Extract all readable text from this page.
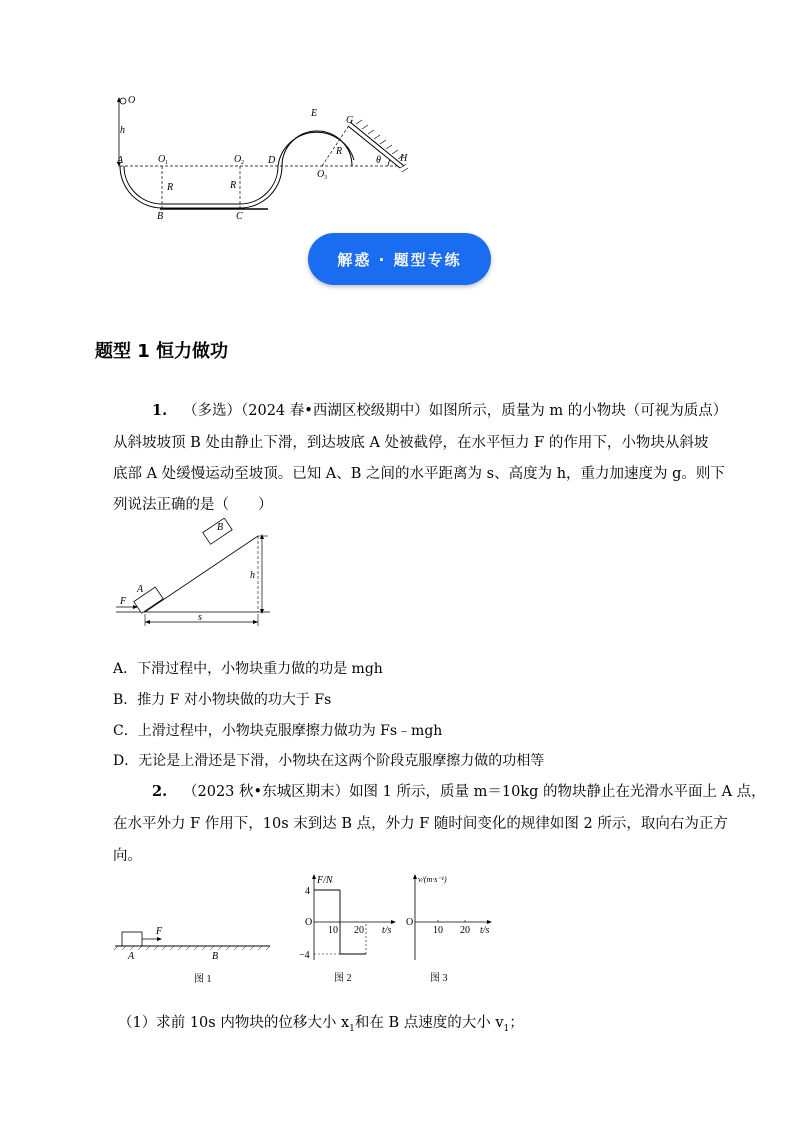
O
h
A	O 1	O 2 D
E
G
R	R
R
B	C
O 3
θ H
解惑 · 题型专练
题型 1 恒力做功
1. （多选）（2024 春•西湖区校级期中）如图所示，质量为 m 的小物块（可视为质点）
从斜坡坡顶 B 处由静止下滑，到达坡底 A 处被截停，在水平恒力 F 的作用下，小物块从斜坡
底部 A 处缓慢运动至坡顶。已知 A、B 之间的水平距离为 s、高度为 h，重力加速度为 g。则下
列说法正确的是（　　）
B
A
F
h
s
A．下滑过程中，小物块重力做的功是 mgh
B．推力 F 对小物块做的功大于 Fs
C．上滑过程中，小物块克服摩擦力做功为 Fs﹣mgh
D．无论是上滑还是下滑，小物块在这两个阶段克服摩擦力做的功相等
2. （2023 秋•东城区期末）如图 1 所示，质量 m＝10kg 的物块静止在光滑水平面上 A 点，
在水平外力 F 作用下，10s 末到达 B 点，外力 F 随时间变化的规律如图 2 所示，取向右为正方
向。
F
A	B
图 1
F/N
O
4
−4
10 20 t/s
图 2
v/(m·s⁻¹)
O
10 20 t/s
图 3
（1）求前 10s 内物块的位移大小 $x_1$和在 B 点速度的大小 $v_1$；
